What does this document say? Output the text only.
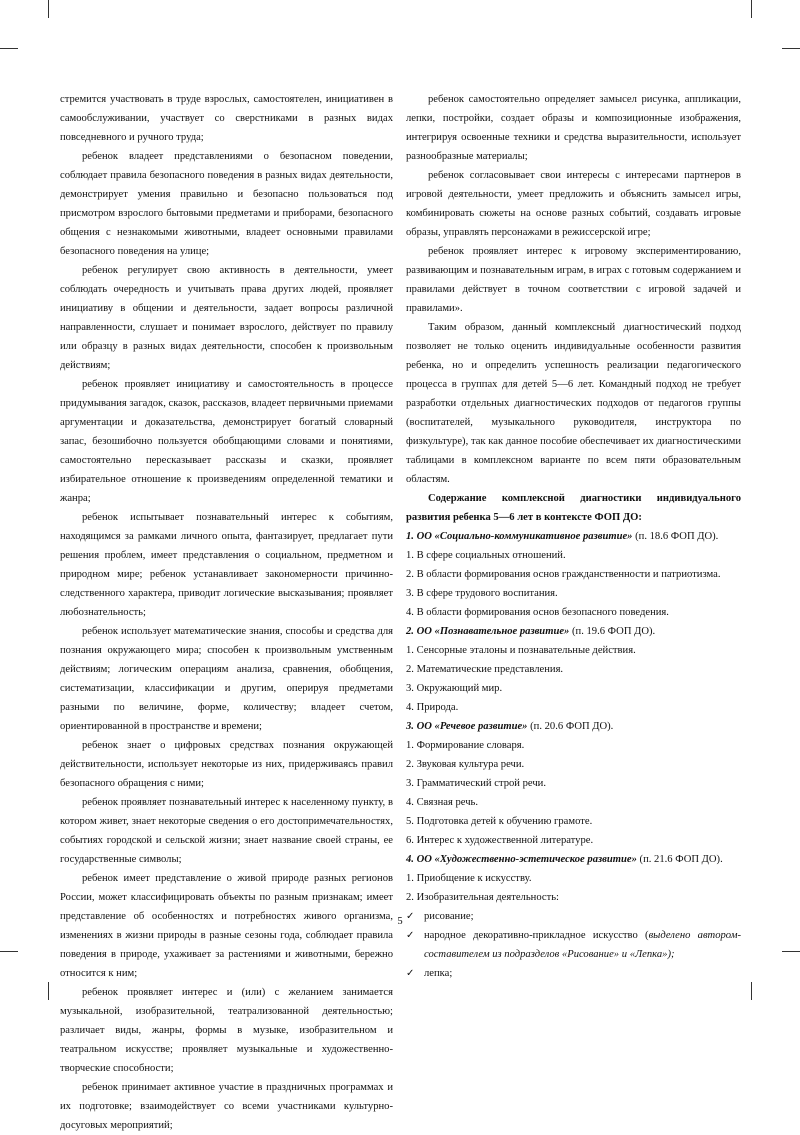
стремится участвовать в труде взрослых, самостоятелен, инициативен в самообслуживании, участвует со сверстниками в разных видах повседневного и ручного труда;

ребенок владеет представлениями о безопасном поведении, соблюдает правила безопасного поведения в разных видах деятельности, демонстрирует умения правильно и безопасно пользоваться под присмотром взрослого бытовыми предметами и приборами, безопасного общения с незнакомыми животными, владеет основными правилами безопасного поведения на улице;

ребенок регулирует свою активность в деятельности, умеет соблюдать очередность и учитывать права других людей, проявляет инициативу в общении и деятельности, задает вопросы различной направленности, слушает и понимает взрослого, действует по правилу или образцу в разных видах деятельности, способен к произвольным действиям;

ребенок проявляет инициативу и самостоятельность в процессе придумывания загадок, сказок, рассказов, владеет первичными приемами аргументации и доказательства, демонстрирует богатый словарный запас, безошибочно пользуется обобщающими словами и понятиями, самостоятельно пересказывает рассказы и сказки, проявляет избирательное отношение к произведениям определенной тематики и жанра;

ребенок испытывает познавательный интерес к событиям, находящимся за рамками личного опыта, фантазирует, предлагает пути решения проблем, имеет представления о социальном, предметном и природном мире; ребенок устанавливает закономерности причинно-следственного характера, приводит логические высказывания; проявляет любознательность;

ребенок использует математические знания, способы и средства для познания окружающего мира; способен к произвольным умственным действиям; логическим операциям анализа, сравнения, обобщения, систематизации, классификации и другим, оперируя предметами разными по величине, форме, количеству; владеет счетом, ориентированной в пространстве и времени;

ребенок знает о цифровых средствах познания окружающей действительности, использует некоторые из них, придерживаясь правил безопасного обращения с ними;

ребенок проявляет познавательный интерес к населенному пункту, в котором живет, знает некоторые сведения о его достопримечательностях, событиях городской и сельской жизни; знает название своей страны, ее государственные символы;

ребенок имеет представление о живой природе разных регионов России, может классифицировать объекты по разным признакам; имеет представление об особенностях и потребностях живого организма, изменениях в жизни природы в разные сезоны года, соблюдает правила поведения в природе, ухаживает за растениями и животными, бережно относится к ним;

ребенок проявляет интерес и (или) с желанием занимается музыкальной, изобразительной, театрализованной деятельностью; различает виды, жанры, формы в музыке, изобразительном и театральном искусстве; проявляет музыкальные и художественно-творческие способности;

ребенок принимает активное участие в праздничных программах и их подготовке; взаимодействует со всеми участниками культурно-досуговых мероприятий;

ребенок самостоятельно определяет замысел рисунка, аппликации, лепки, постройки, создает образы и композиционные изображения, интегрируя освоенные техники и средства выразительности, использует разнообразные материалы;

ребенок согласовывает свои интересы с интересами партнеров в игровой деятельности, умеет предложить и объяснить замысел игры, комбинировать сюжеты на основе разных событий, создавать игровые образы, управлять персонажами в режиссерской игре;

ребенок проявляет интерес к игровому экспериментированию, развивающим и познавательным играм, в играх с готовым содержанием и правилами действует в точном соответствии с игровой задачей и правилами».

Таким образом, данный комплексный диагностический подход позволяет не только оценить индивидуальные особенности развития ребенка, но и определить успешность реализации педагогического процесса в группах для детей 5—6 лет. Командный подход не требует разработки отдельных диагностических подходов от педагогов группы (воспитателей, музыкального руководителя, инструктора по физкультуре), так как данное пособие обеспечивает их диагностическими таблицами в комплексном варианте по всем пяти образовательным областям.

Содержание комплексной диагностики индивидуального развития ребенка 5—6 лет в контексте ФОП ДО:

1. ОО «Социально-коммуникативное развитие» (п. 18.6 ФОП ДО).

1. В сфере социальных отношений.

2. В области формирования основ гражданственности и патриотизма.

3. В сфере трудового воспитания.

4. В области формирования основ безопасного поведения.

2. ОО «Познавательное развитие» (п. 19.6 ФОП ДО).

1. Сенсорные эталоны и познавательные действия.

2. Математические представления.

3. Окружающий мир.

4. Природа.

3. ОО «Речевое развитие» (п. 20.6 ФОП ДО).

1. Формирование словаря.

2. Звуковая культура речи.

3. Грамматический строй речи.

4. Связная речь.

5. Подготовка детей к обучению грамоте.

6. Интерес к художественной литературе.

4. ОО «Художественно-эстетическое развитие» (п. 21.6 ФОП ДО).

1. Приобщение к искусству.

2. Изобразительная деятельность:

✓ рисование;
✓ народное декоративно-прикладное искусство (выделено автором-составителем из подразделов «Рисование» и «Лепка»);
✓ лепка;
5
